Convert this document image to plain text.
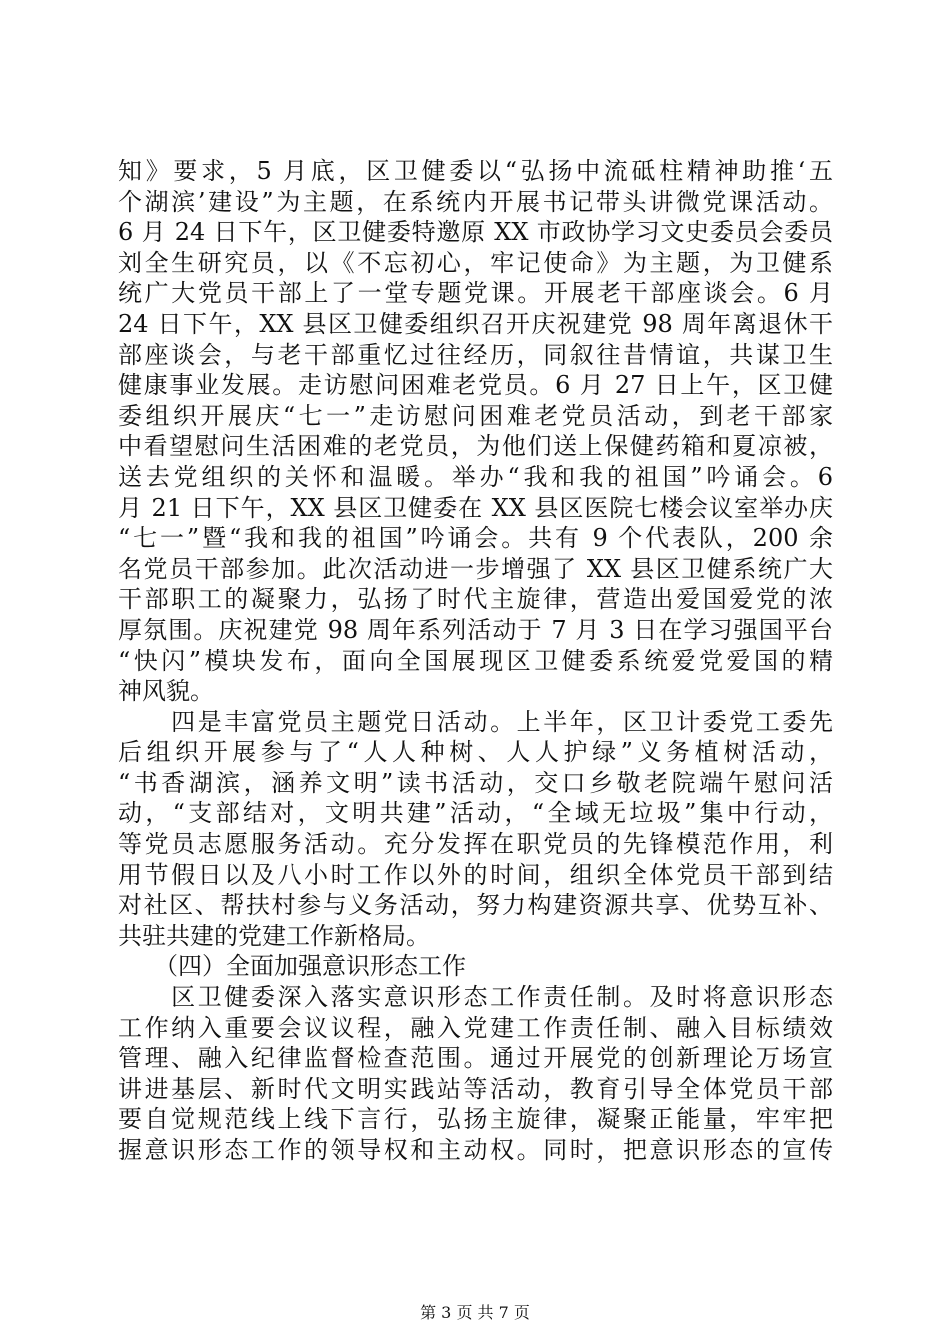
知》要求，5 月底，区卫健委以“弘扬中流砥柱精神助推‘五
个湖滨’建设”为主题，在系统内开展书记带头讲微党课活动。
6 月 24 日下午，区卫健委特邀原 XX 市政协学习文史委员会委员
刘全生研究员，以《不忘初心，牢记使命》为主题，为卫健系
统广大党员干部上了一堂专题党课。开展老干部座谈会。6 月
24 日下午，XX 县区卫健委组织召开庆祝建党 98 周年离退休干
部座谈会，与老干部重忆过往经历，同叙往昔情谊，共谋卫生
健康事业发展。走访慰问困难老党员。6 月 27 日上午，区卫健
委组织开展庆“七一”走访慰问困难老党员活动，到老干部家
中看望慰问生活困难的老党员，为他们送上保健药箱和夏凉被，
送去党组织的关怀和温暖。举办“我和我的祖国”吟诵会。6
月 21 日下午，XX 县区卫健委在 XX 县区医院七楼会议室举办庆
“七一”暨“我和我的祖国”吟诵会。共有 9 个代表队，200 余
名党员干部参加。此次活动进一步增强了 XX 县区卫健系统广大
干部职工的凝聚力，弘扬了时代主旋律，营造出爱国爱党的浓
厚氛围。庆祝建党 98 周年系列活动于 7 月 3 日在学习强国平台
“快闪”模块发布，面向全国展现区卫健委系统爱党爱国的精
神风貌。
　　四是丰富党员主题党日活动。上半年，区卫计委党工委先
后组织开展参与了“人人种树、人人护绿”义务植树活动，
“书香湖滨，涵养文明”读书活动，交口乡敬老院端午慰问活
动，“支部结对，文明共建”活动，“全域无垃圾”集中行动，
等党员志愿服务活动。充分发挥在职党员的先锋模范作用，利
用节假日以及八小时工作以外的时间，组织全体党员干部到结
对社区、帮扶村参与义务活动，努力构建资源共享、优势互补、
共驻共建的党建工作新格局。
　　（四）全面加强意识形态工作
　　区卫健委深入落实意识形态工作责任制。及时将意识形态
工作纳入重要会议议程，融入党建工作责任制、融入目标绩效
管理、融入纪律监督检查范围。通过开展党的创新理论万场宣
讲进基层、新时代文明实践站等活动，教育引导全体党员干部
要自觉规范线上线下言行，弘扬主旋律，凝聚正能量，牢牢把
握意识形态工作的领导权和主动权。同时，把意识形态的宣传
第 3 页 共 7 页
